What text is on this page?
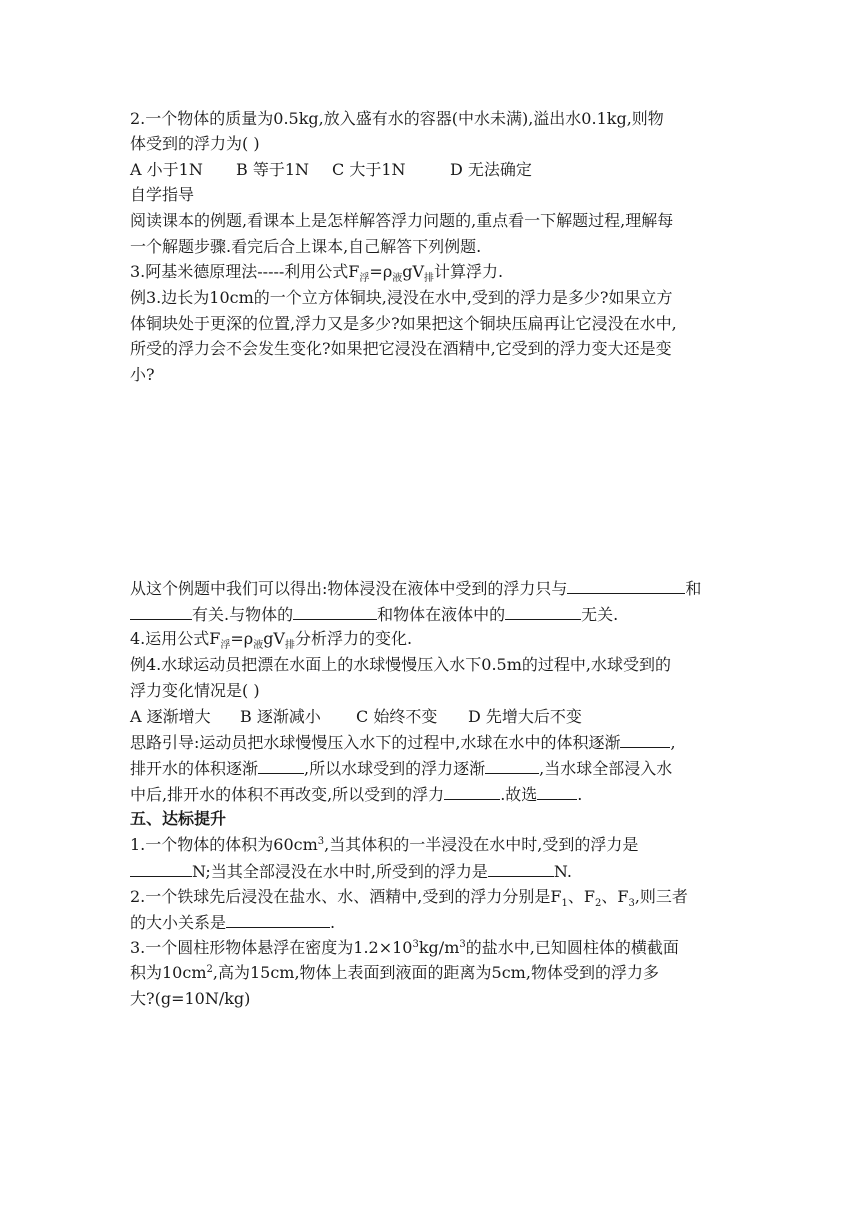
2.一个物体的质量为0.5kg,放入盛有水的容器(中水未满),溢出水0.1kg,则物
体受到的浮力为( )
A 小于1N B 等于1N C 大于1N	D 无法确定
自学指导
阅读课本的例题,看课本上是怎样解答浮力问题的,重点看一下解题过程,理解每
一个解题步骤.看完后合上课本,自己解答下列例题.
3.阿基米德原理法-----利用公式$F_浮=\rho_液gV_排$计算浮力.
例3.边长为10cm的一个立方体铜块,浸没在水中,受到的浮力是多少?如果立方
体铜块处于更深的位置,浮力又是多少?如果把这个铜块压扁再让它浸没在水中,
所受的浮力会不会发生变化?如果把它浸没在酒精中,它受到的浮力变大还是变
小?
从这个例题中我们可以得出:物体浸没在液体中受到的浮力只与	和
有关.与物体的	和物体在液体中的	无关.
4.运用公式$F_浮=\rho_液gV_排$分析浮力的变化.
例4.水球运动员把漂在水面上的水球慢慢压入水下0.5m的过程中,水球受到的
浮力变化情况是( )
A 逐渐增大 B 逐渐减小 C 始终不变 D 先增大后不变
思路引导:运动员把水球慢慢压入水下的过程中,水球在水中的体积逐渐	,
排开水的体积逐渐	,所以水球受到的浮力逐渐	,当水球全部浸入水
中后,排开水的体积不再改变,所以受到的浮力	.故选	.
五、达标提升
1.一个物体的体积为$60cm^3$,当其体积的一半浸没在水中时,受到的浮力是
N;当其全部浸没在水中时,所受到的浮力是	N.
2.一个铁球先后浸没在盐水、水、酒精中,受到的浮力分别是$F_1$、$F_2$、$F_3$,则三者
的大小关系是	.
3.一个圆柱形物体悬浮在密度为$1.2\times 10^3kg/m^3$的盐水中,已知圆柱体的横截面
积为$10cm^2$,高为15cm,物体上表面到液面的距离为5cm,物体受到的浮力多
大?(g=10N/kg)
